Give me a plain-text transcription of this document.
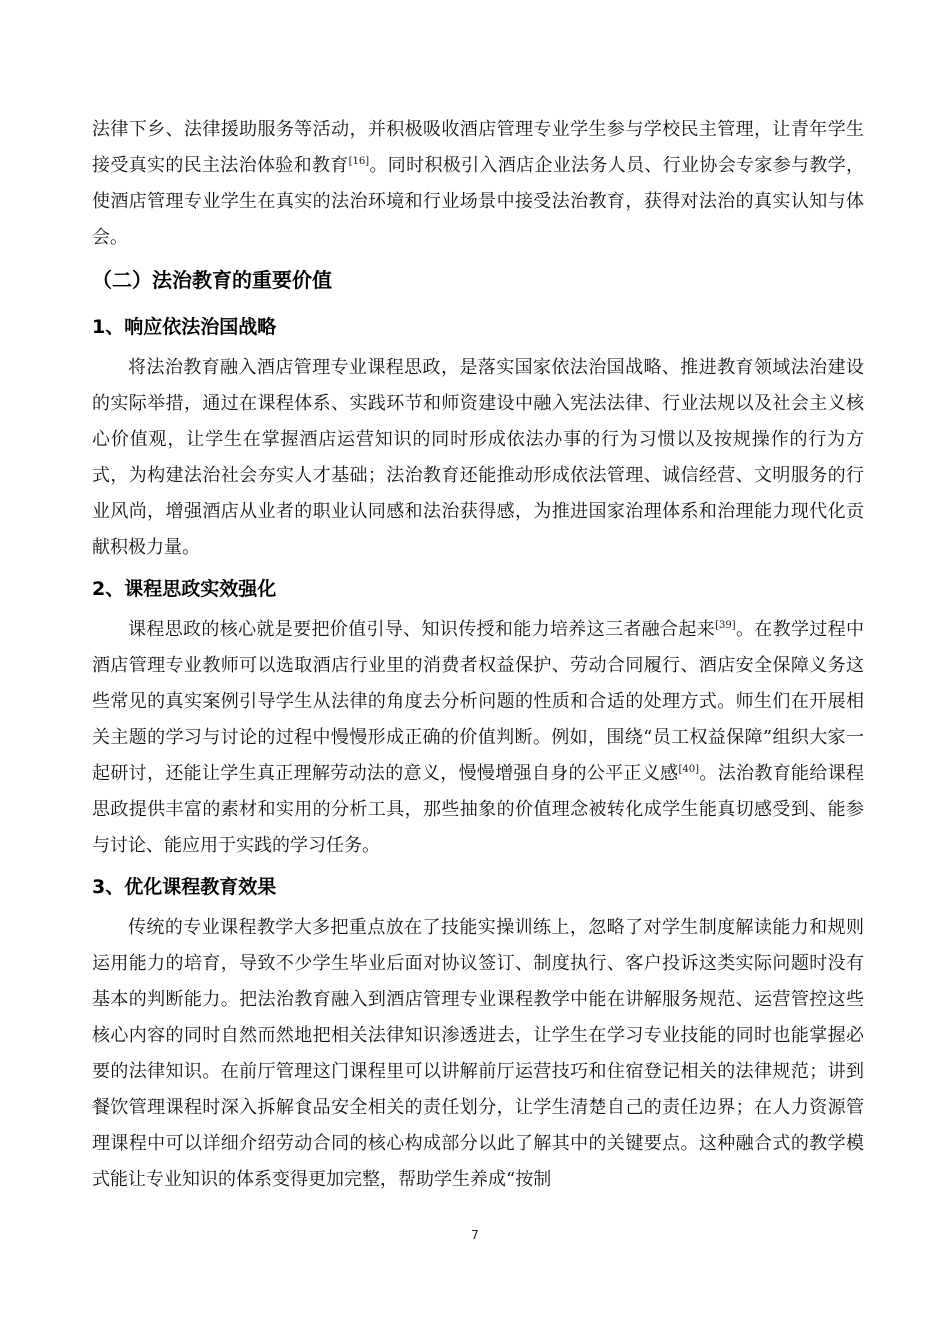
法律下乡、法律援助服务等活动，并积极吸收酒店管理专业学生参与学校民主管理，让青年学生接受真实的民主法治体验和教育[16]。同时积极引入酒店企业法务人员、行业协会专家参与教学，使酒店管理专业学生在真实的法治环境和行业场景中接受法治教育，获得对法治的真实认知与体会。

（二）法治教育的重要价值
1、响应依法治国战略

将法治教育融入酒店管理专业课程思政，是落实国家依法治国战略、推进教育领域法治建设的实际举措，通过在课程体系、实践环节和师资建设中融入宪法法律、行业法规以及社会主义核心价值观，让学生在掌握酒店运营知识的同时形成依法办事的行为习惯以及按规操作的行为方式，为构建法治社会夯实人才基础；法治教育还能推动形成依法管理、诚信经营、文明服务的行业风尚，增强酒店从业者的职业认同感和法治获得感，为推进国家治理体系和治理能力现代化贡献积极力量。

2、课程思政实效强化

课程思政的核心就是要把价值引导、知识传授和能力培养这三者融合起来[39]。在教学过程中酒店管理专业教师可以选取酒店行业里的消费者权益保护、劳动合同履行、酒店安全保障义务这些常见的真实案例引导学生从法律的角度去分析问题的性质和合适的处理方式。师生们在开展相关主题的学习与讨论的过程中慢慢形成正确的价值判断。例如，围绕“员工权益保障”组织大家一起研讨，还能让学生真正理解劳动法的意义，慢慢增强自身的公平正义感[40]。法治教育能给课程思政提供丰富的素材和实用的分析工具，那些抽象的价值理念被转化成学生能真切感受到、能参与讨论、能应用于实践的学习任务。

3、优化课程教育效果

传统的专业课程教学大多把重点放在了技能实操训练上，忽略了对学生制度解读能力和规则运用能力的培育，导致不少学生毕业后面对协议签订、制度执行、客户投诉这类实际问题时没有基本的判断能力。把法治教育融入到酒店管理专业课程教学中能在讲解服务规范、运营管控这些核心内容的同时自然而然地把相关法律知识渗透进去，让学生在学习专业技能的同时也能掌握必要的法律知识。在前厅管理这门课程里可以讲解前厅运营技巧和住宿登记相关的法律规范；讲到餐饮管理课程时深入拆解食品安全相关的责任划分，让学生清楚自己的责任边界；在人力资源管理课程中可以详细介绍劳动合同的核心构成部分以此了解其中的关键要点。这种融合式的教学模式能让专业知识的体系变得更加完整，帮助学生养成“按制

7
